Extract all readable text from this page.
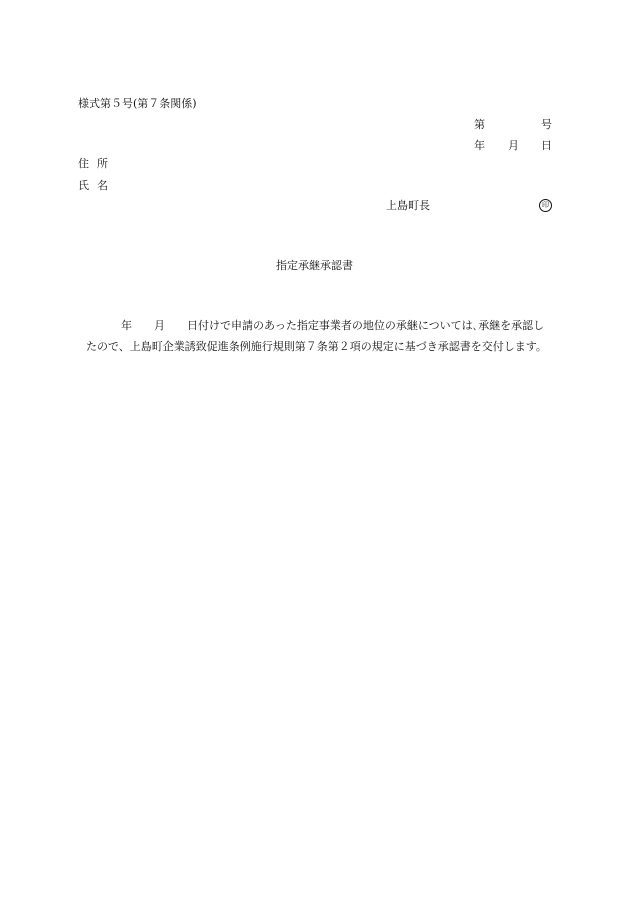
様式第５号(第７条関係)
第	号
年 月 日
住所
氏名
上島町長	印
指定承継承認書
年　　月　　日付けで申請のあった指定事業者の地位の承継については､承継を承認し
たので、上島町企業誘致促進条例施行規則第７条第２項の規定に基づき承認書を交付します。
